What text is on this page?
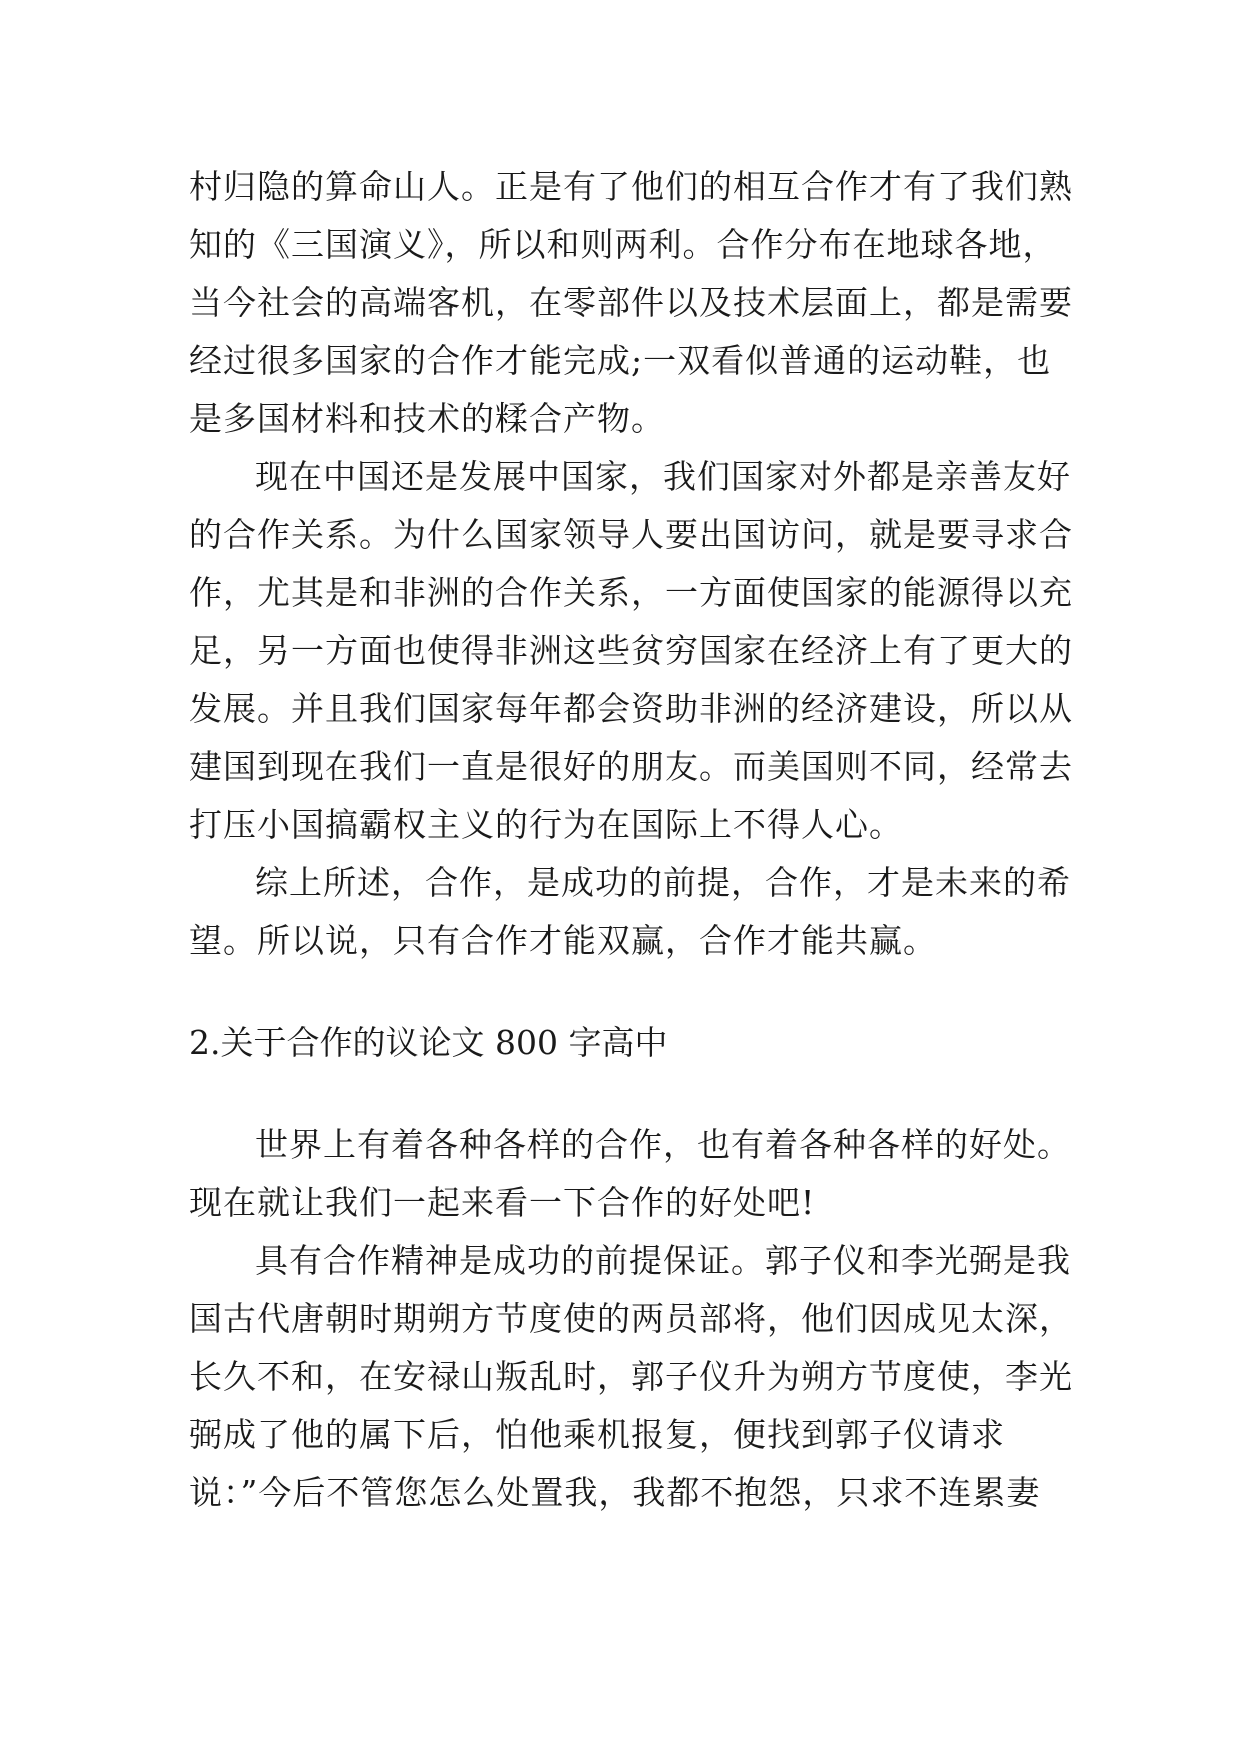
村归隐的算命山人。正是有了他们的相互合作才有了我们熟
知的《三国演义》，所以和则两利。合作分布在地球各地，
当今社会的高端客机，在零部件以及技术层面上，都是需要
经过很多国家的合作才能完成;一双看似普通的运动鞋，也
是多国材料和技术的糅合产物。
现在中国还是发展中国家，我们国家对外都是亲善友好
的合作关系。为什么国家领导人要出国访问，就是要寻求合
作，尤其是和非洲的合作关系，一方面使国家的能源得以充
足，另一方面也使得非洲这些贫穷国家在经济上有了更大的
发展。并且我们国家每年都会资助非洲的经济建设，所以从
建国到现在我们一直是很好的朋友。而美国则不同，经常去
打压小国搞霸权主义的行为在国际上不得人心。
综上所述，合作，是成功的前提，合作，才是未来的希
望。所以说，只有合作才能双赢，合作才能共赢。
2.关于合作的议论文 800 字高中
世界上有着各种各样的合作，也有着各种各样的好处。
现在就让我们一起来看一下合作的好处吧!
具有合作精神是成功的前提保证。郭子仪和李光弼是我
国古代唐朝时期朔方节度使的两员部将，他们因成见太深，
长久不和，在安禄山叛乱时，郭子仪升为朔方节度使，李光
弼成了他的属下后，怕他乘机报复，便找到郭子仪请求
说：”今后不管您怎么处置我，我都不抱怨，只求不连累妻
